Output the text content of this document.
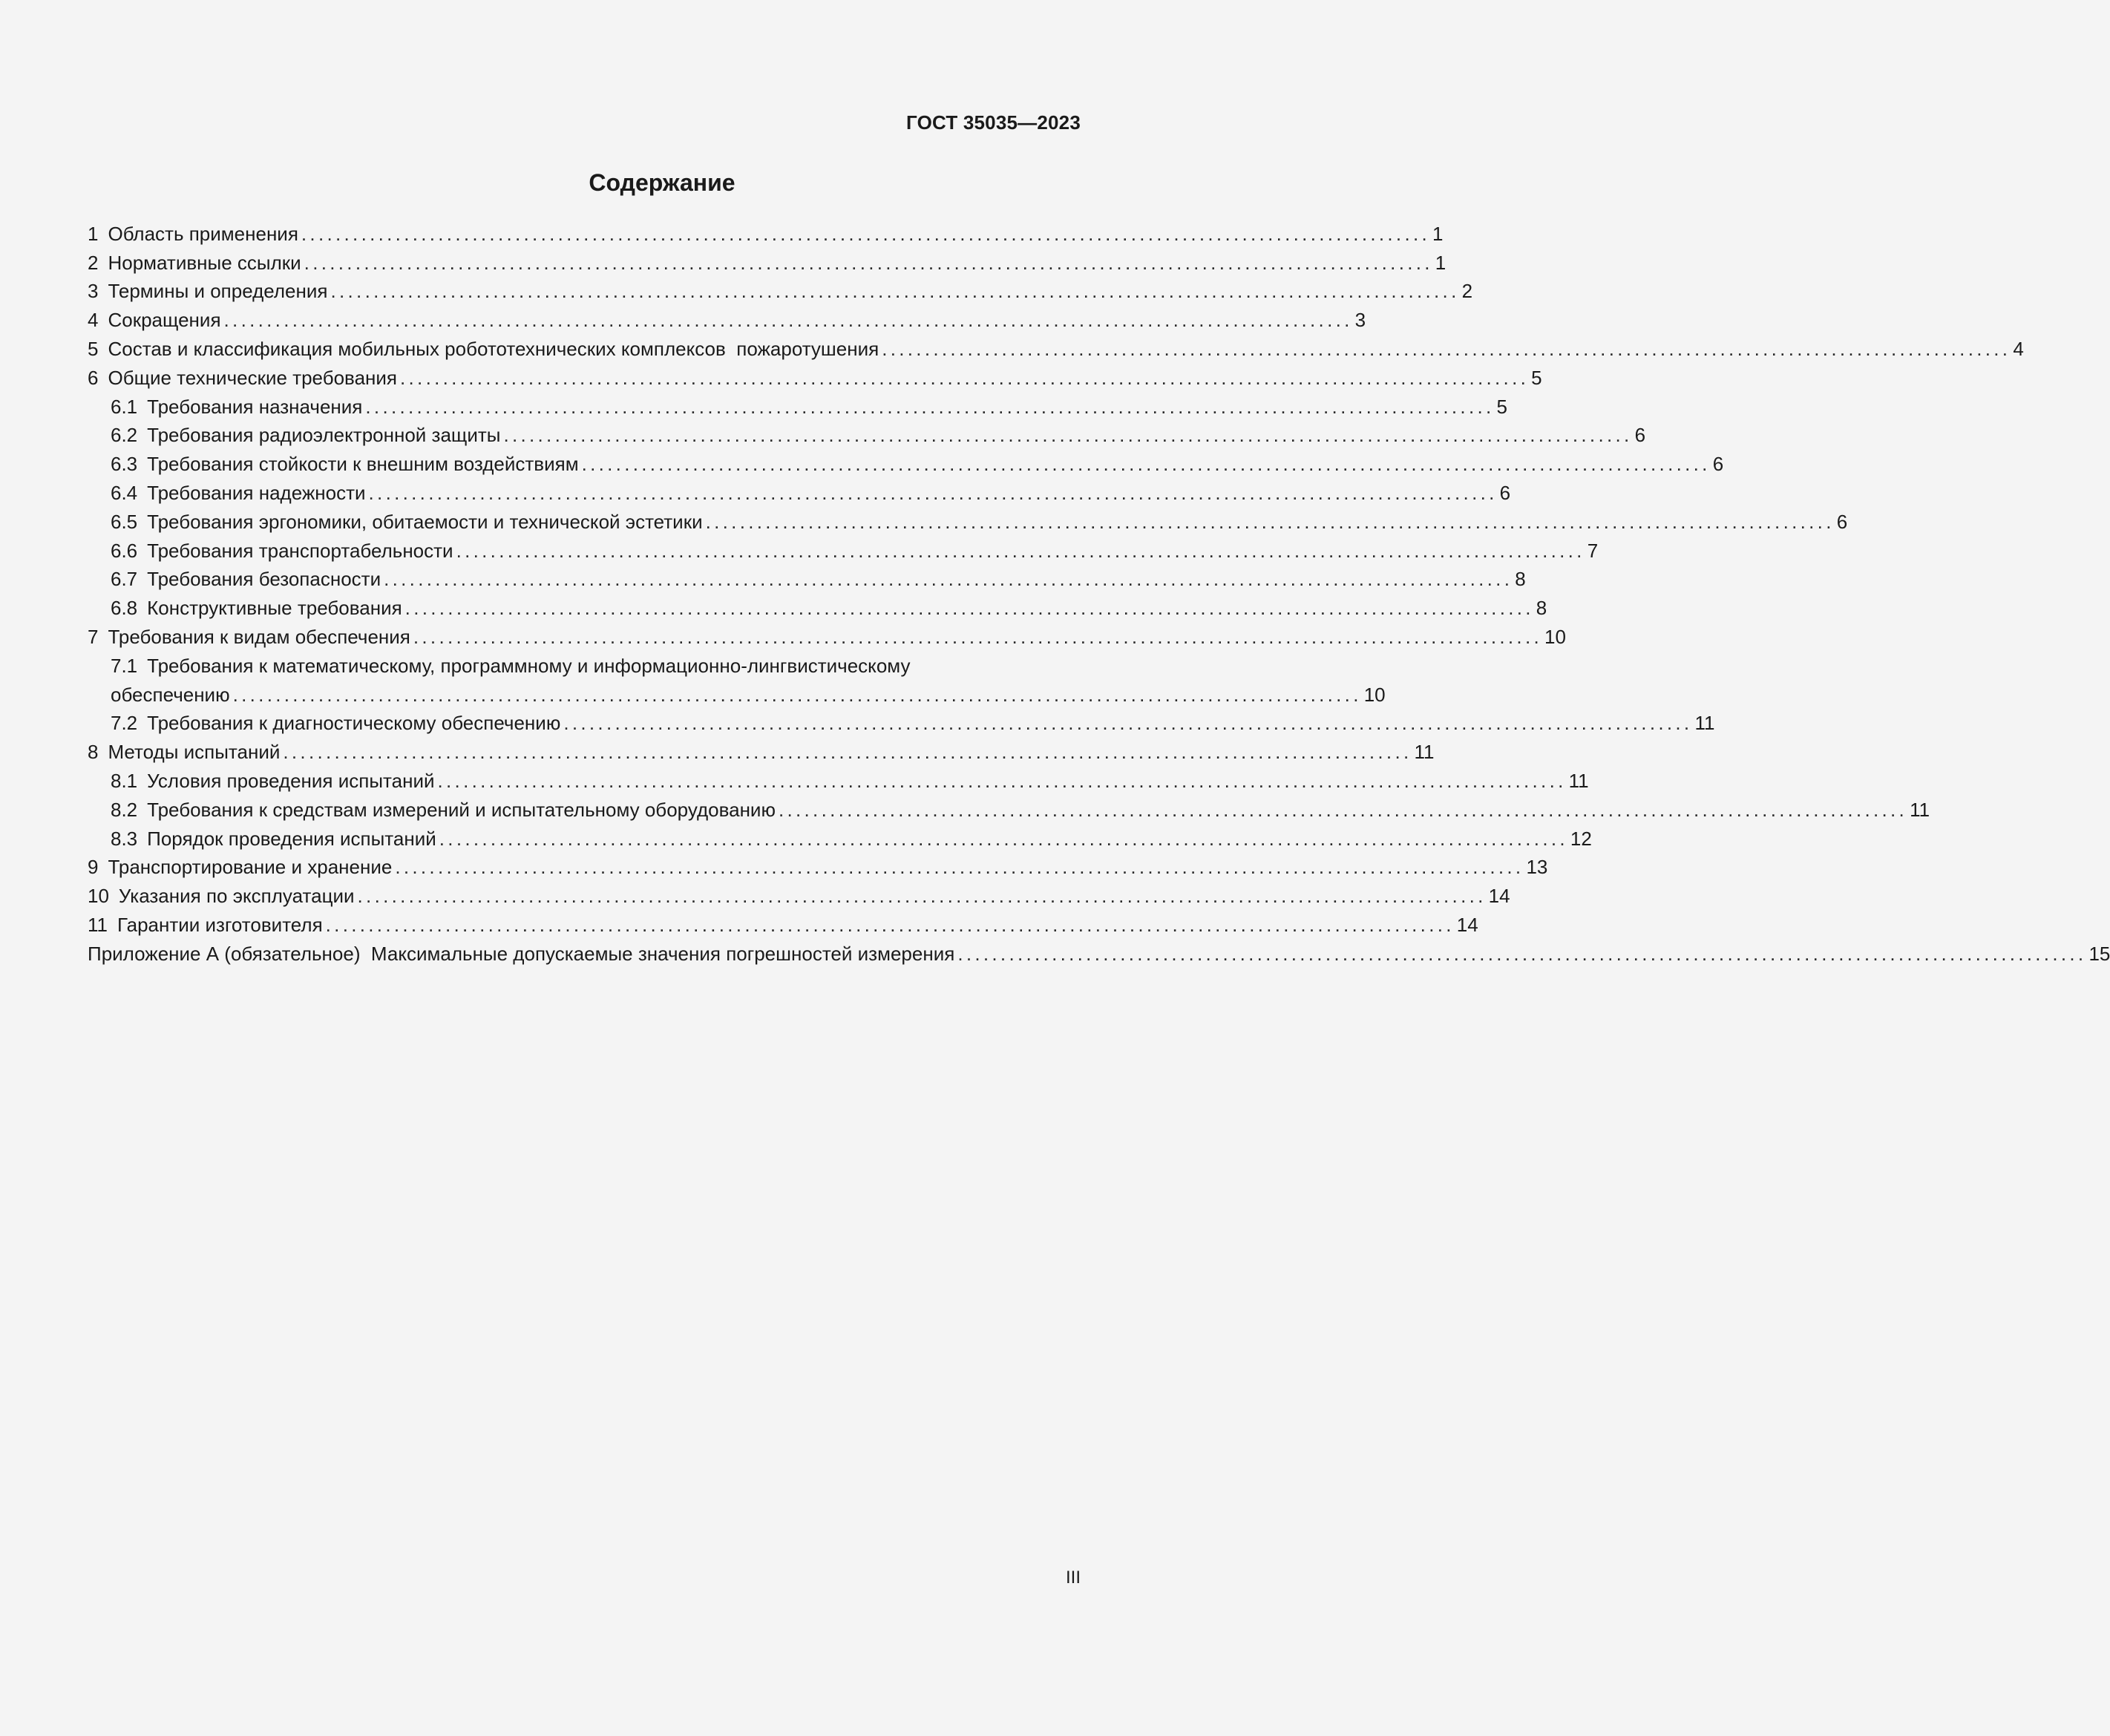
ГОСТ 35035—2023
Содержание
1 Область применения .................................................................................................................................... 1
2 Нормативные ссылки .................................................................................................................................... 1
3 Термины и определения .................................................................................................................................... 2
4 Сокращения .................................................................................................................................... 3
5 Состав и классификация мобильных робототехнических комплексов  пожаротушения .................................................................................................................................... 4
6 Общие технические требования .................................................................................................................................... 5
6.1 Требования назначения .................................................................................................................................... 5
6.2 Требования радиоэлектронной защиты .................................................................................................................................... 6
6.3 Требования стойкости к внешним воздействиям .................................................................................................................................... 6
6.4 Требования надежности .................................................................................................................................... 6
6.5 Требования эргономики, обитаемости и технической эстетики .................................................................................................................................... 6
6.6 Требования транспортабельности .................................................................................................................................... 7
6.7 Требования безопасности .................................................................................................................................... 8
6.8 Конструктивные требования .................................................................................................................................... 8
7 Требования к видам обеспечения .................................................................................................................................... 10
7.1 Требования к математическому, программному и информационно-лингвистическому
обеспечению .................................................................................................................................... 10
7.2 Требования к диагностическому обеспечению .................................................................................................................................... 11
8 Методы испытаний .................................................................................................................................... 11
8.1 Условия проведения испытаний .................................................................................................................................... 11
8.2 Требования к средствам измерений и испытательному оборудованию .................................................................................................................................... 11
8.3 Порядок проведения испытаний .................................................................................................................................... 12
9 Транспортирование и хранение .................................................................................................................................... 13
10 Указания по эксплуатации .................................................................................................................................... 14
11 Гарантии изготовителя .................................................................................................................................... 14
Приложение А (обязательное)  Максимальные допускаемые значения погрешностей измерения .................................................................................................................................... 15
III
